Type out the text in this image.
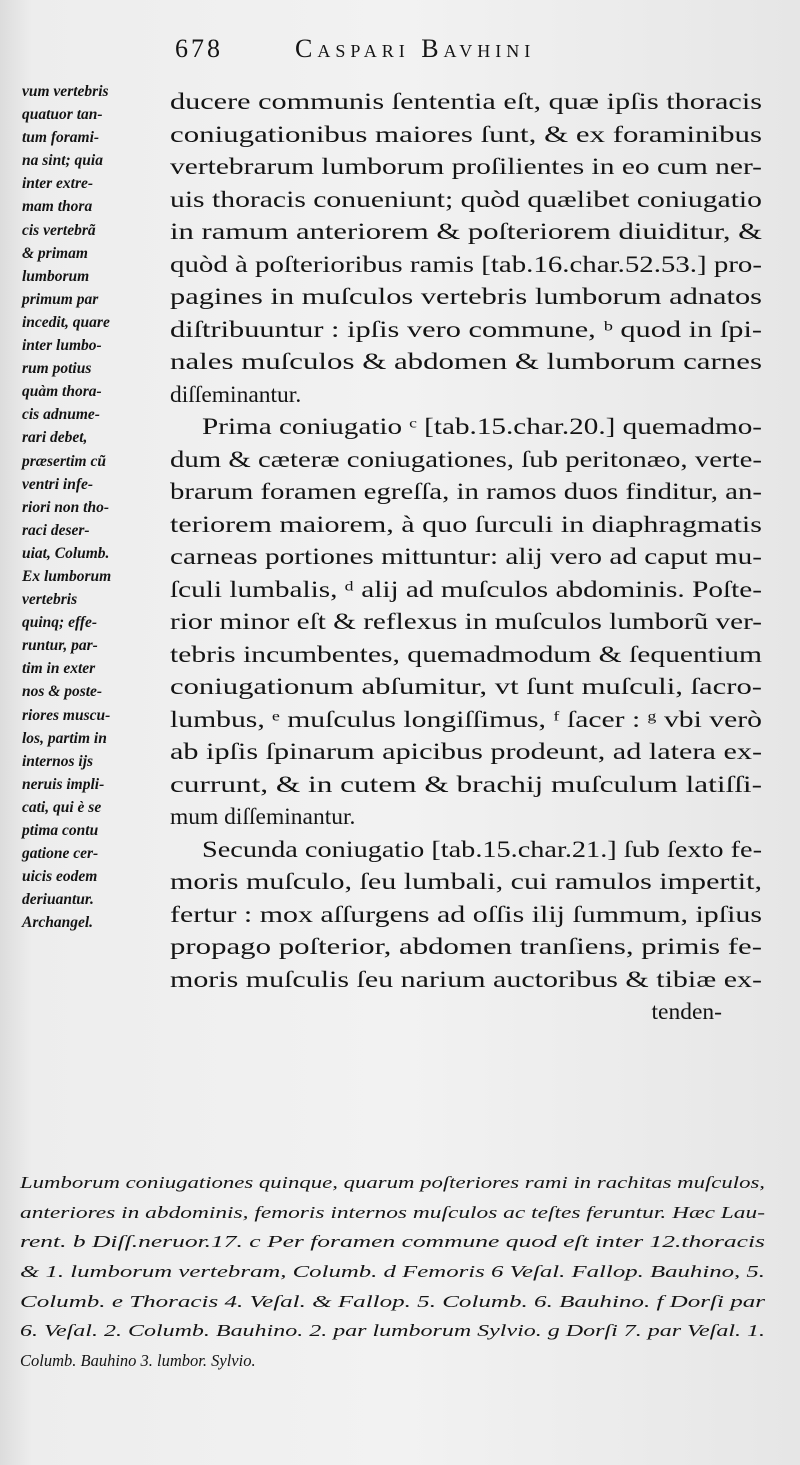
678	Caspari Bavhini
vum vertebris
quatuor tan-
tum forami-
na sint; quia
inter extre-
mam thora
cis vertebrã
& primam
lumborum
primum par
incedit, quare
inter lumbo-
rum potius
quàm thora-
cis adnume-
rari debet,
præsertim cũ
ventri infe-
riori non tho-
raci deser-
uiat, Columb.
Ex lumborum
vertebris
quinq; effe-
runtur, par-
tim in exter
nos & poste-
riores muscu-
los, partim in
internos ijs
neruis impli-
cati, qui è se
ptima contu
gatione cer-
uicis eodem
deriuantur.
Archangel.
ducere communis ſententia eſt, quæ ipſis thoracis
coniugationibus maiores ſunt, & ex foraminibus
vertebrarum lumborum proſilientes in eo cum ner-
uis thoracis conueniunt; quòd quælibet coniugatio
in ramum anteriorem & poſteriorem diuiditur, &
quòd à poſterioribus ramis [tab.16.char.52.53.] pro-
pagines in muſculos vertebris lumborum adnatos
diſtribuuntur : ipſis vero commune, ᵇ quod in ſpi-
nales muſculos & abdomen & lumborum carnes
diſſeminantur.
Prima coniugatio ᶜ [tab.15.char.20.] quemadmo-
dum & cæteræ coniugationes, ſub peritonæo, verte-
brarum foramen egreſſa, in ramos duos finditur, an-
teriorem maiorem, à quo ſurculi in diaphragmatis
carneas portiones mittuntur: alij vero ad caput mu-
ſculi lumbalis, ᵈ alij ad muſculos abdominis. Poſte-
rior minor eſt & reflexus in muſculos lumborũ ver-
tebris incumbentes, quemadmodum & ſequentium
coniugationum abſumitur, vt ſunt muſculi, ſacro-
lumbus, ᵉ muſculus longiſſimus, ᶠ ſacer : ᵍ vbi verò
ab ipſis ſpinarum apicibus prodeunt, ad latera ex-
currunt, & in cutem & brachij muſculum latiſſi-
mum diſſeminantur.
Secunda coniugatio [tab.15.char.21.] ſub ſexto fe-
moris muſculo, ſeu lumbali, cui ramulos impertit,
fertur : mox aſſurgens ad oſſis ilij ſummum, ipſius
propago poſterior, abdomen tranſiens, primis fe-
moris muſculis ſeu narium auctoribus & tibiæ ex-
tenden-
Lumborum coniugationes quinque, quarum poſteriores rami in rachitas muſculos,
anteriores in abdominis, femoris internos muſculos ac teſtes feruntur. Hæc Lau-
rent. b Diſſ.neruor.17. c Per foramen commune quod eſt inter 12.thoracis
& 1. lumborum vertebram, Columb. d Femoris 6 Veſal. Fallop. Bauhino, 5.
Columb. e Thoracis 4. Veſal. & Fallop. 5. Columb. 6. Bauhino. f Dorſi par
6. Veſal. 2. Columb. Bauhino. 2. par lumborum Sylvio. g Dorſi 7. par Veſal. 1.
Columb. Bauhino 3. lumbor. Sylvio.
